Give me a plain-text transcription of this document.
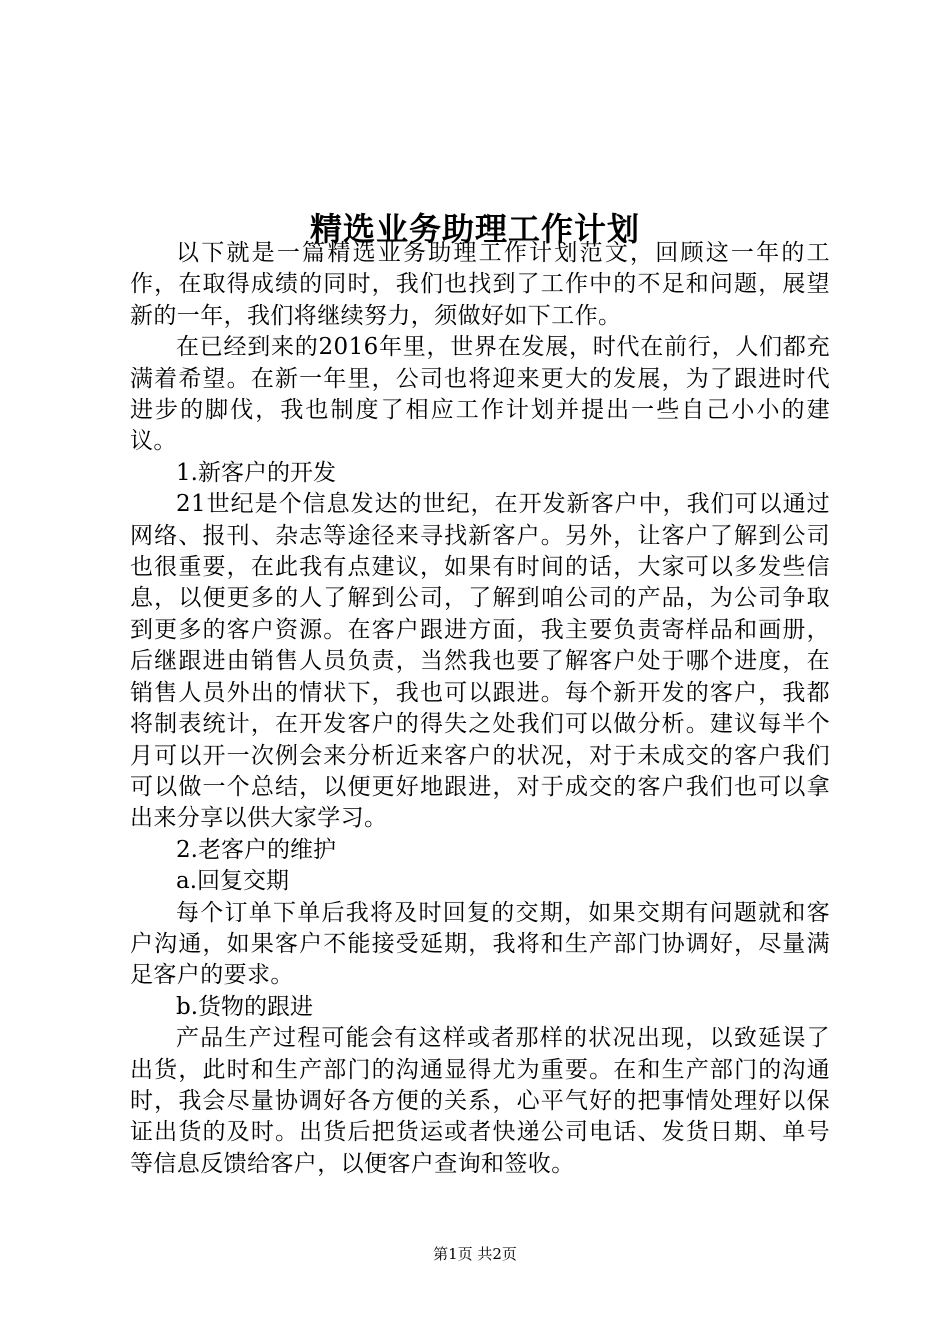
精选业务助理工作计划

以下就是一篇精选业务助理工作计划范文，回顾这一年的工作，在取得成绩的同时，我们也找到了工作中的不足和问题，展望新的一年，我们将继续努力，须做好如下工作。

在已经到来的2016年里，世界在发展，时代在前行，人们都充满着希望。在新一年里，公司也将迎来更大的发展，为了跟进时代进步的脚伐，我也制度了相应工作计划并提出一些自己小小的建议。

1.新客户的开发

21世纪是个信息发达的世纪，在开发新客户中，我们可以通过网络、报刊、杂志等途径来寻找新客户。另外，让客户了解到公司也很重要，在此我有点建议，如果有时间的话，大家可以多发些信息，以便更多的人了解到公司，了解到咱公司的产品，为公司争取到更多的客户资源。在客户跟进方面，我主要负责寄样品和画册，后继跟进由销售人员负责，当然我也要了解客户处于哪个进度，在销售人员外出的情状下，我也可以跟进。每个新开发的客户，我都将制表统计，在开发客户的得失之处我们可以做分析。建议每半个月可以开一次例会来分析近来客户的状况，对于未成交的客户我们可以做一个总结，以便更好地跟进，对于成交的客户我们也可以拿出来分享以供大家学习。

2.老客户的维护

a.回复交期

每个订单下单后我将及时回复的交期，如果交期有问题就和客户沟通，如果客户不能接受延期，我将和生产部门协调好，尽量满足客户的要求。

b.货物的跟进

产品生产过程可能会有这样或者那样的状况出现，以致延误了出货，此时和生产部门的沟通显得尤为重要。在和生产部门的沟通时，我会尽量协调好各方便的关系，心平气好的把事情处理好以保证出货的及时。出货后把货运或者快递公司电话、发货日期、单号等信息反馈给客户，以便客户查询和签收。

第1页 共2页
